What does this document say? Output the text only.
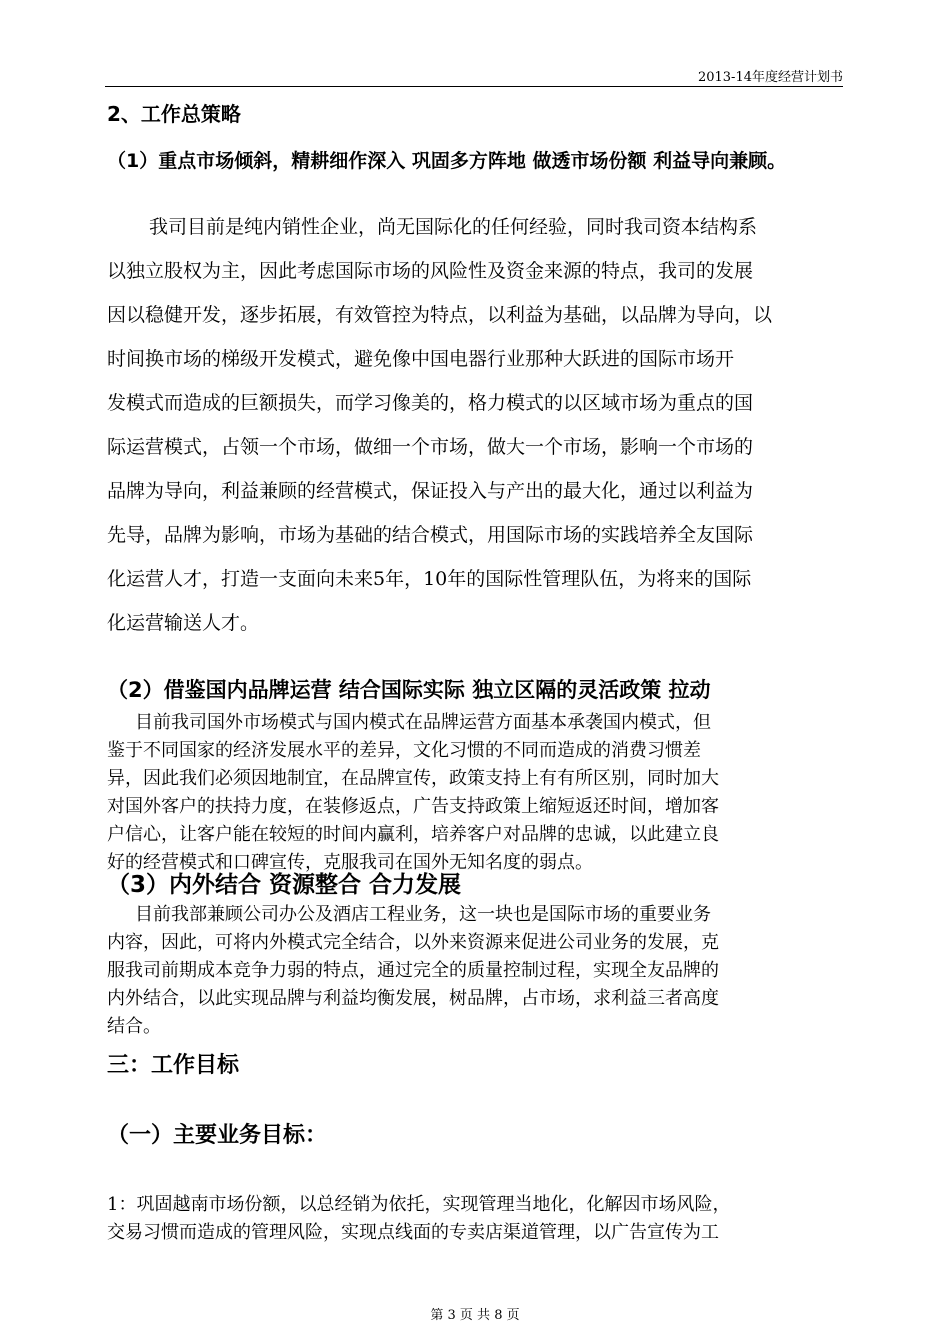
2013-14年度经营计划书
2、工作总策略
（1）重点市场倾斜，精耕细作深入 巩固多方阵地 做透市场份额 利益导向兼顾。
我司目前是纯内销性企业，尚无国际化的任何经验，同时我司资本结构系
以独立股权为主，因此考虑国际市场的风险性及资金来源的特点，我司的发展
因以稳健开发，逐步拓展，有效管控为特点，以利益为基础，以品牌为导向，以
时间换市场的梯级开发模式，避免像中国电器行业那种大跃进的国际市场开
发模式而造成的巨额损失，而学习像美的，格力模式的以区域市场为重点的国
际运营模式，占领一个市场，做细一个市场，做大一个市场，影响一个市场的
品牌为导向，利益兼顾的经营模式，保证投入与产出的最大化，通过以利益为
先导，品牌为影响，市场为基础的结合模式，用国际市场的实践培养全友国际
化运营人才，打造一支面向未来5年，10年的国际性管理队伍，为将来的国际
化运营输送人才。
（2）借鉴国内品牌运营 结合国际实际 独立区隔的灵活政策 拉动
目前我司国外市场模式与国内模式在品牌运营方面基本承袭国内模式，但
鉴于不同国家的经济发展水平的差异，文化习惯的不同而造成的消费习惯差
异，因此我们必须因地制宜，在品牌宣传，政策支持上有有所区别，同时加大
对国外客户的扶持力度，在装修返点，广告支持政策上缩短返还时间，增加客
户信心，让客户能在较短的时间内赢利，培养客户对品牌的忠诚，以此建立良
好的经营模式和口碑宣传，克服我司在国外无知名度的弱点。
（3）内外结合 资源整合 合力发展
目前我部兼顾公司办公及酒店工程业务，这一块也是国际市场的重要业务
内容，因此，可将内外模式完全结合，以外来资源来促进公司业务的发展，克
服我司前期成本竞争力弱的特点，通过完全的质量控制过程，实现全友品牌的
内外结合，以此实现品牌与利益均衡发展，树品牌，占市场，求利益三者高度
结合。
三：工作目标
（一）主要业务目标：
1：巩固越南市场份额，以总经销为依托，实现管理当地化，化解因市场风险，
交易习惯而造成的管理风险，实现点线面的专卖店渠道管理，以广告宣传为工
第 3 页 共 8 页
